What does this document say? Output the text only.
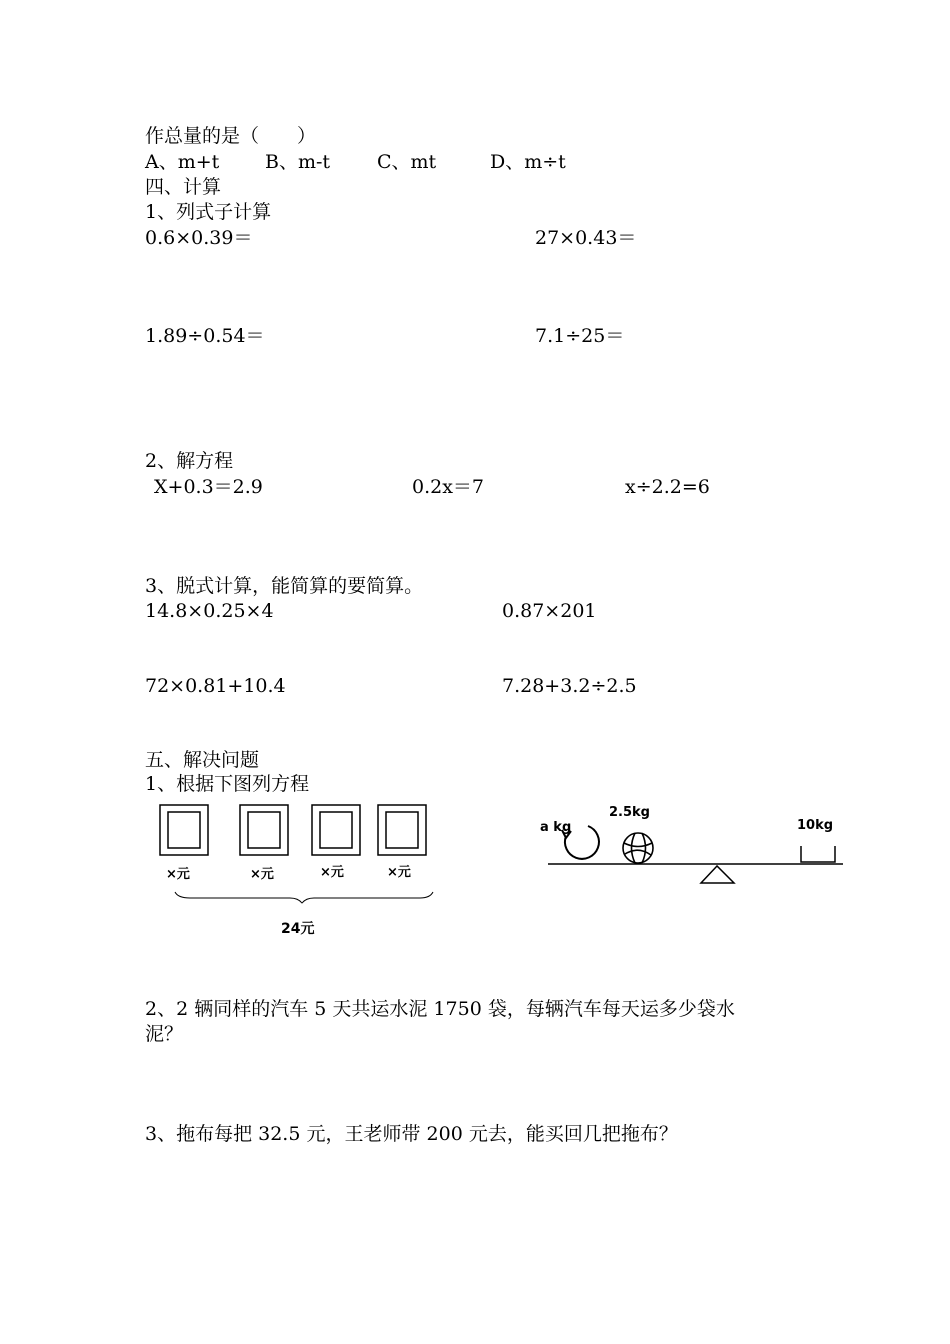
作总量的是（　　）
A、m+t B、m-t C、mt	D、m÷t
四、计算
1、列式子计算
0.6×0.39＝	27×0.43＝
1.89÷0.54＝	7.1÷25＝
2、解方程
X+0.3＝2.9	0.2x＝7	x÷2.2=6
3、脱式计算，能简算的要简算。
14.8×0.25×4	0.87×201
72×0.81+10.4	7.28+3.2÷2.5
五、解决问题
1、根据下图列方程
×元	×元	×元	×元
24元
a kg
2.5kg
10kg
2、2 辆同样的汽车 5 天共运水泥 1750 袋，每辆汽车每天运多少袋水
泥？
3、拖布每把 32.5 元，王老师带 200 元去，能买回几把拖布？
